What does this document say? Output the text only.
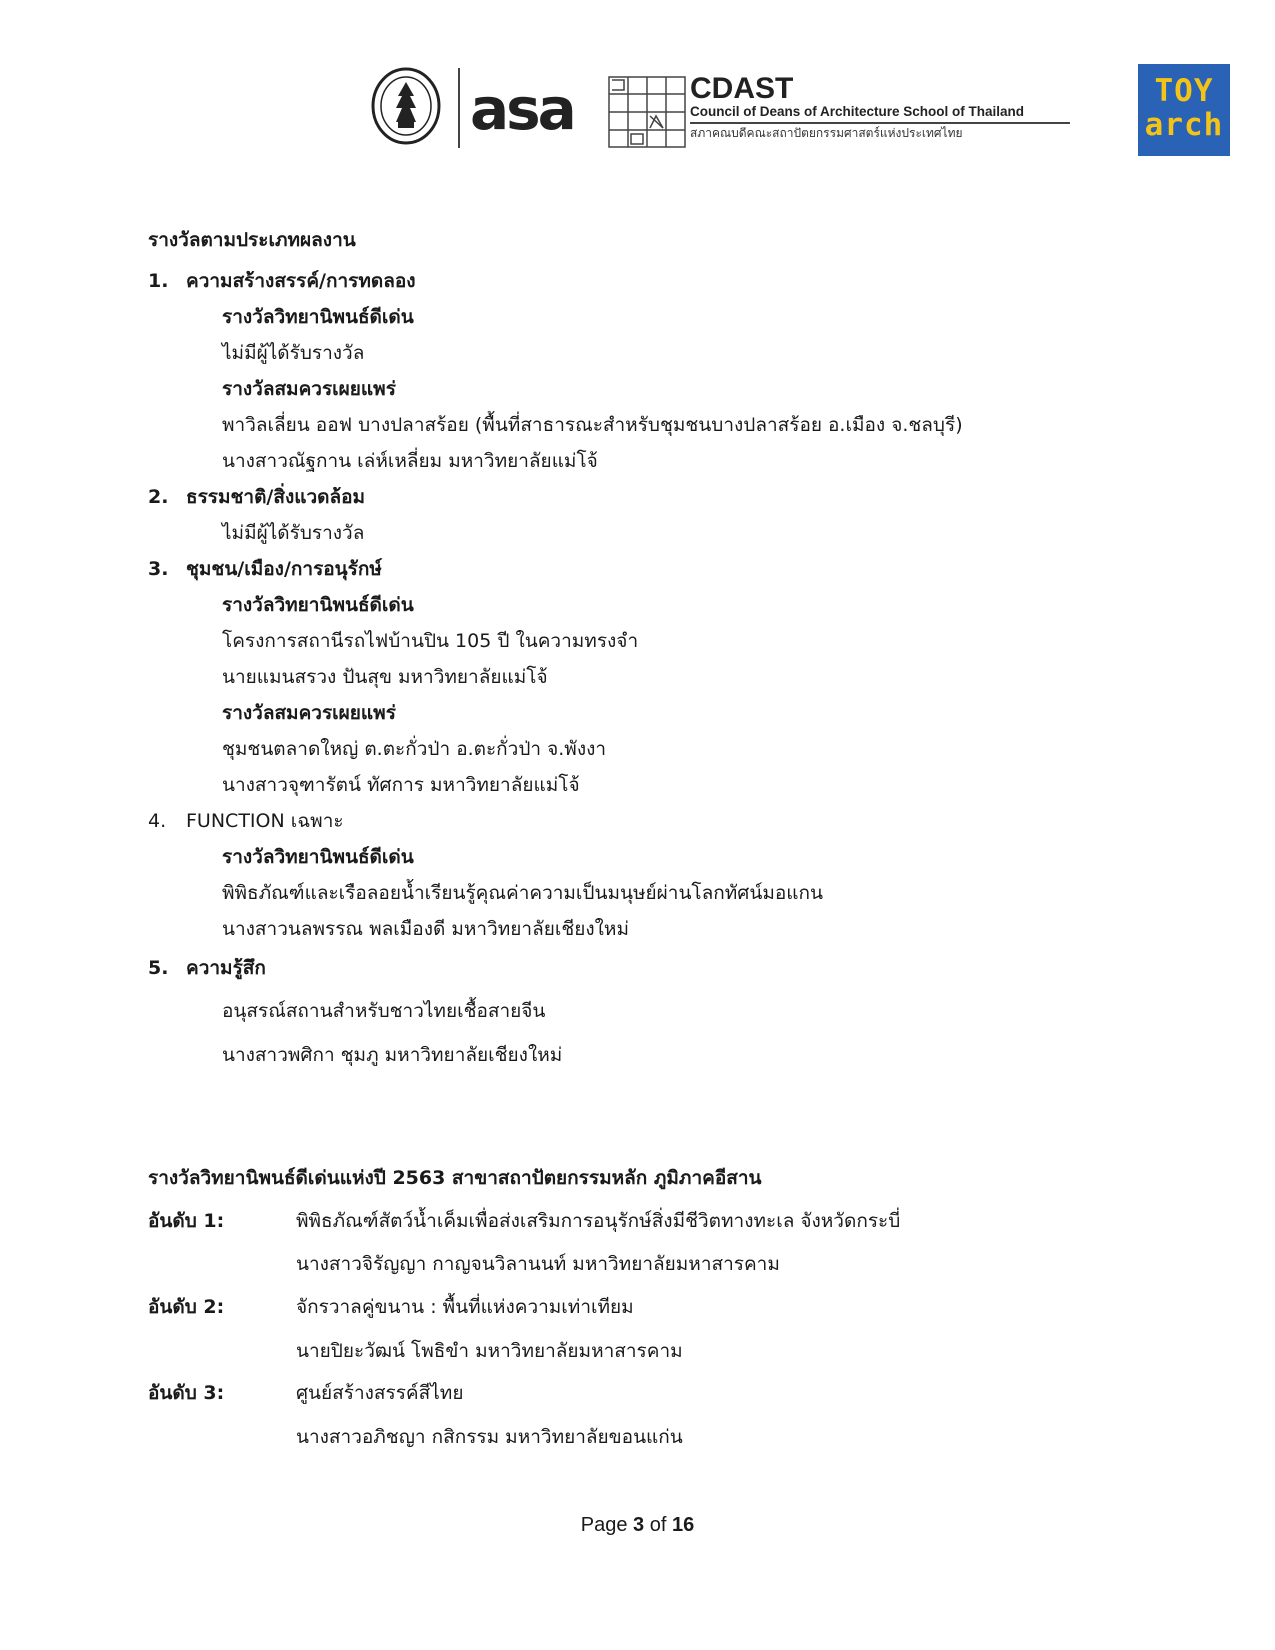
asa	CDAST
Council of Deans of Architecture School of Thailand
สภาคณบดีคณะสถาปัตยกรรมศาสตร์แห่งประเทศไทย
TOY
arch
รางวัลตามประเภทผลงาน
1. ความสร้างสรรค์/การทดลอง
รางวัลวิทยานิพนธ์ดีเด่น
ไม่มีผู้ได้รับรางวัล
รางวัลสมควรเผยแพร่
พาวิลเลี่ยน ออฟ บางปลาสร้อย (พื้นที่สาธารณะสำหรับชุมชนบางปลาสร้อย อ.เมือง จ.ชลบุรี)
นางสาวณัฐกาน เล่ห์เหลี่ยม มหาวิทยาลัยแม่โจ้
2. ธรรมชาติ/สิ่งแวดล้อม
ไม่มีผู้ได้รับรางวัล
3. ชุมชน/เมือง/การอนุรักษ์
รางวัลวิทยานิพนธ์ดีเด่น
โครงการสถานีรถไฟบ้านปิน 105 ปี ในความทรงจำ
นายแมนสรวง ปันสุข มหาวิทยาลัยแม่โจ้
รางวัลสมควรเผยแพร่
ชุมชนตลาดใหญ่ ต.ตะกั่วป่า อ.ตะกั่วป่า จ.พังงา
นางสาวจุฑารัตน์ ทัศการ มหาวิทยาลัยแม่โจ้
4. FUNCTION เฉพาะ
รางวัลวิทยานิพนธ์ดีเด่น
พิพิธภัณฑ์และเรือลอยน้ำเรียนรู้คุณค่าความเป็นมนุษย์ผ่านโลกทัศน์มอแกน
นางสาวนลพรรณ พลเมืองดี มหาวิทยาลัยเชียงใหม่
5. ความรู้สึก
อนุสรณ์สถานสำหรับชาวไทยเชื้อสายจีน
นางสาวพศิกา ชุมภู มหาวิทยาลัยเชียงใหม่
รางวัลวิทยานิพนธ์ดีเด่นแห่งปี 2563 สาขาสถาปัตยกรรมหลัก ภูมิภาคอีสาน
อันดับ 1:	พิพิธภัณฑ์สัตว์น้ำเค็มเพื่อส่งเสริมการอนุรักษ์สิ่งมีชีวิตทางทะเล จังหวัดกระบี่
นางสาวจิรัญญา กาญจนวิลานนท์ มหาวิทยาลัยมหาสารคาม
อันดับ 2:	จักรวาลคู่ขนาน : พื้นที่แห่งความเท่าเทียม
นายปิยะวัฒน์ โพธิขำ มหาวิทยาลัยมหาสารคาม
อันดับ 3:	ศูนย์สร้างสรรค์สีไทย
นางสาวอภิชญา กสิกรรม มหาวิทยาลัยขอนแก่น
Page 3 of 16
